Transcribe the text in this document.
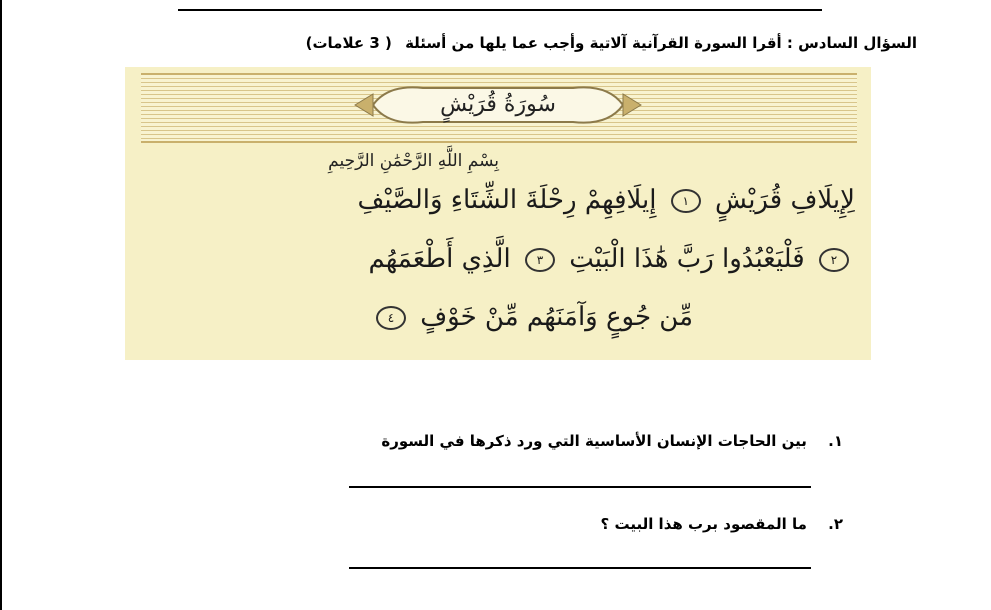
السؤال السادس : أقرا السورة القرآنية آلاتية وأجب عما يلها من أسئلة ( 3 علامات)
سُورَةُ قُرَيْشٍ
بِسْمِ اللَّهِ الرَّحْمَٰنِ الرَّحِيمِ
لِإِيلَافِ قُرَيْشٍ ١ إِيلَافِهِمْ رِحْلَةَ الشِّتَاءِ وَالصَّيْفِ
٢ فَلْيَعْبُدُوا رَبَّ هَٰذَا الْبَيْتِ ٣ الَّذِي أَطْعَمَهُم
مِّن جُوعٍ وَآمَنَهُم مِّنْ خَوْفٍ ٤
١. بين الحاجات الإنسان الأساسية التي ورد ذكرها في السورة
٢. ما المقصود برب هذا البيت ؟
